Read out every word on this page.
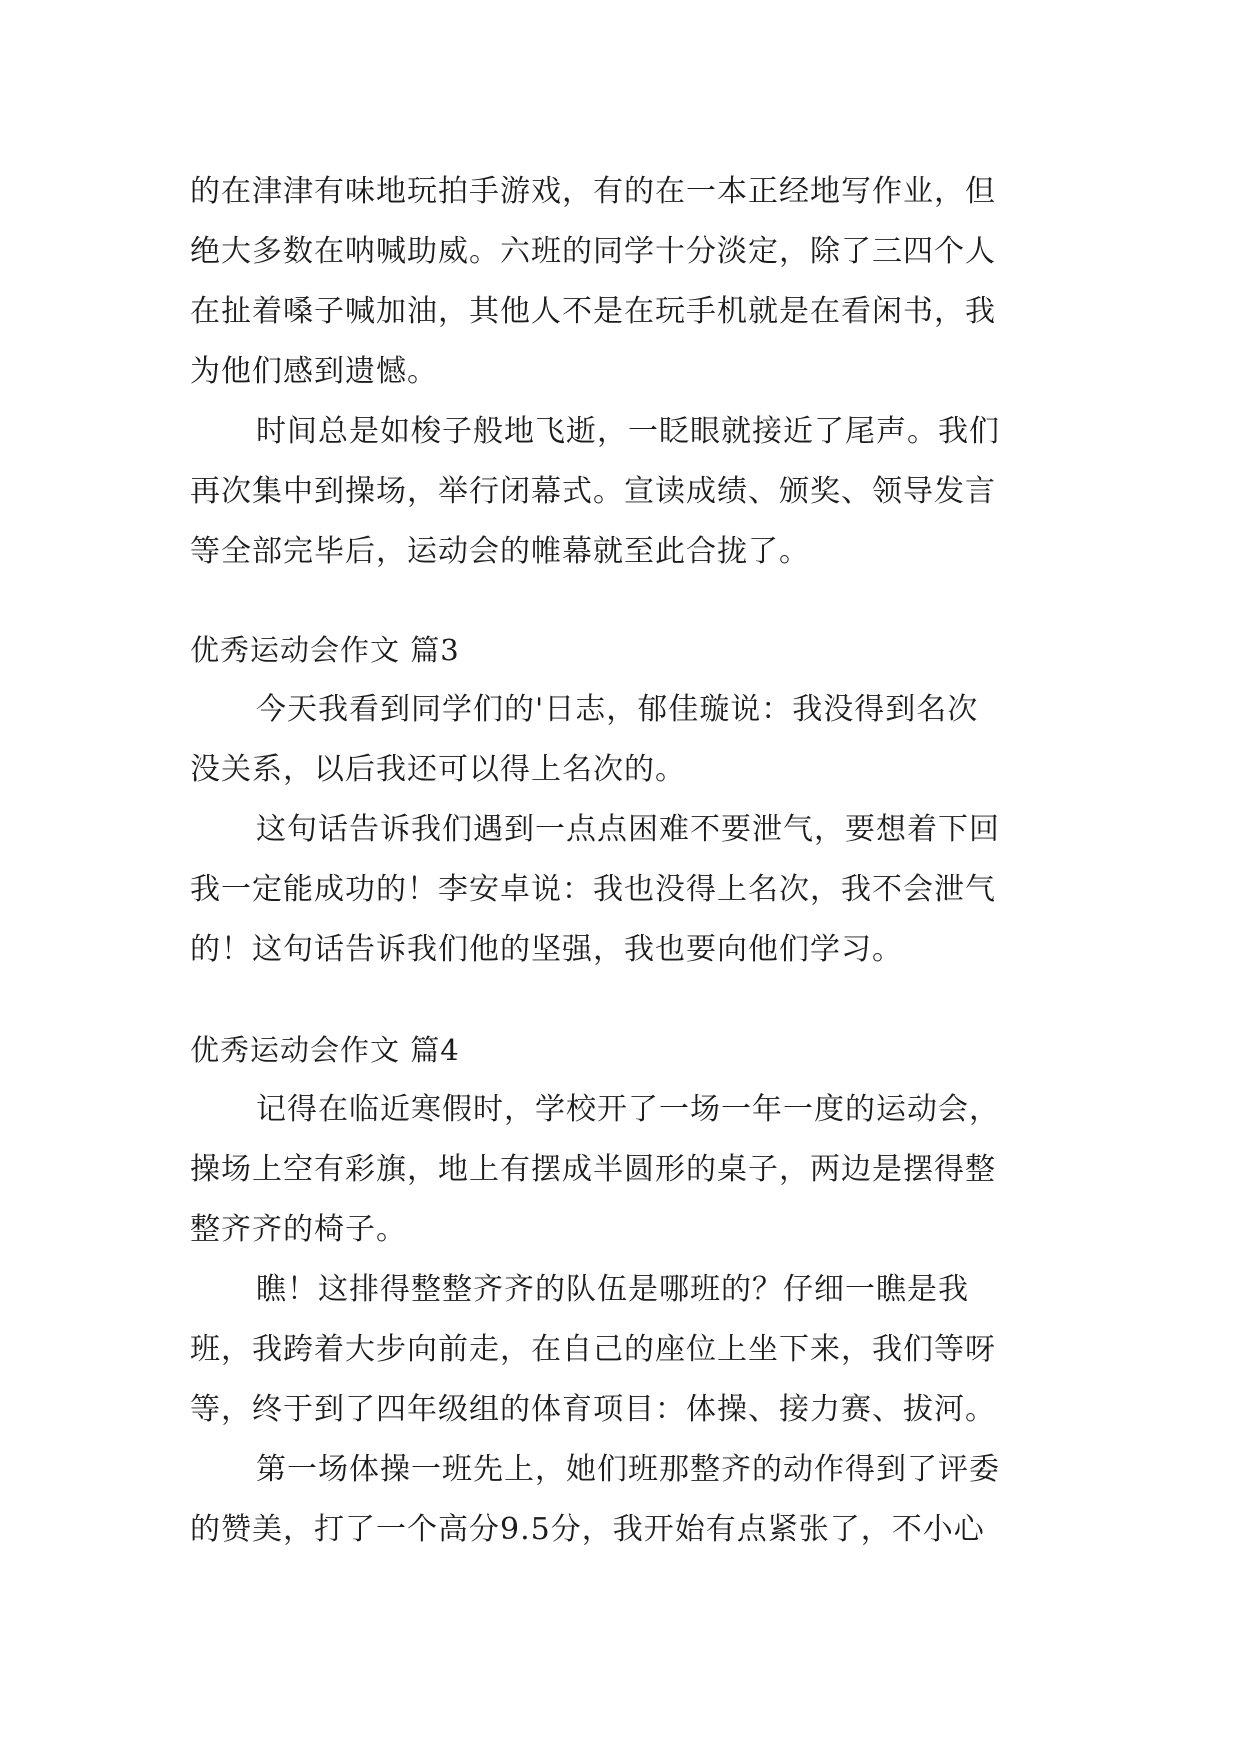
的在津津有味地玩拍手游戏，有的在一本正经地写作业，但
绝大多数在呐喊助威。六班的同学十分淡定，除了三四个人
在扯着嗓子喊加油，其他人不是在玩手机就是在看闲书，我
为他们感到遗憾。
时间总是如梭子般地飞逝，一眨眼就接近了尾声。我们
再次集中到操场，举行闭幕式。宣读成绩、颁奖、领导发言
等全部完毕后，运动会的帷幕就至此合拢了。
优秀运动会作文 篇3
今天我看到同学们的'日志，郁佳璇说：我没得到名次
没关系，以后我还可以得上名次的。
这句话告诉我们遇到一点点困难不要泄气，要想着下回
我一定能成功的！李安卓说：我也没得上名次，我不会泄气
的！这句话告诉我们他的坚强，我也要向他们学习。
优秀运动会作文 篇4
记得在临近寒假时，学校开了一场一年一度的运动会，
操场上空有彩旗，地上有摆成半圆形的桌子，两边是摆得整
整齐齐的椅子。
瞧！这排得整整齐齐的队伍是哪班的？仔细一瞧是我
班，我跨着大步向前走，在自己的座位上坐下来，我们等呀
等，终于到了四年级组的体育项目：体操、接力赛、拔河。
第一场体操一班先上，她们班那整齐的动作得到了评委
的赞美，打了一个高分9.5分，我开始有点紧张了，不小心
